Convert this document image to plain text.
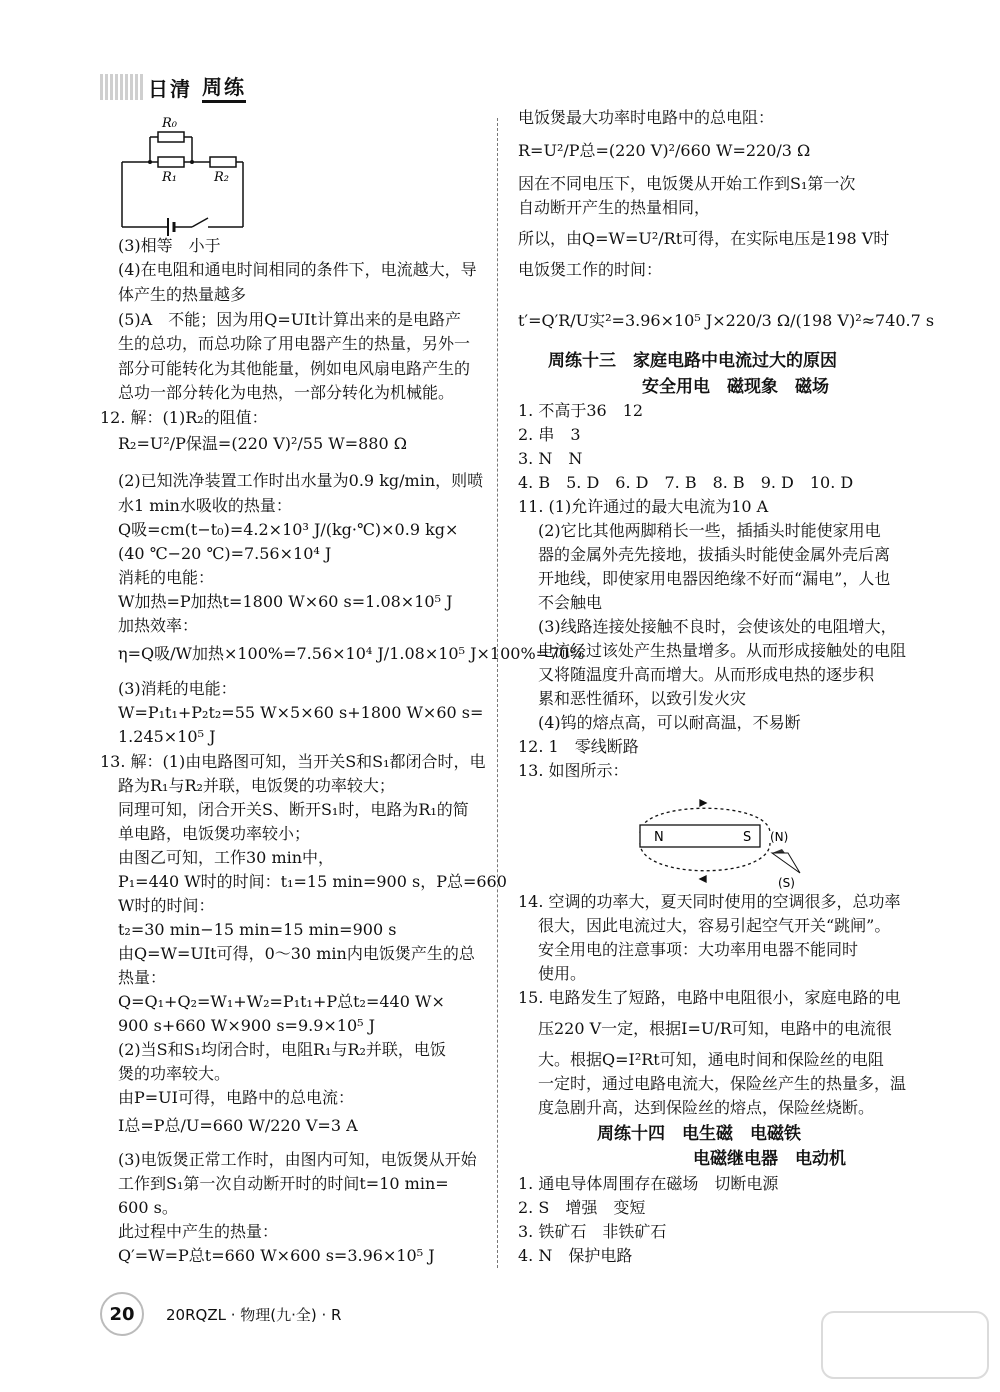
日清 周练
R₀
R₁	R₂
(3)相等　小于
(4)在电阻和通电时间相同的条件下，电流越大，导
体产生的热量越多
(5)A　不能；因为用Q=UIt计算出来的是电路产
生的总功，而总功除了用电器产生的热量，另外一
部分可能转化为其他能量，例如电风扇电路产生的
总功一部分转化为电热，一部分转化为机械能。
12. 解：(1)R₂的阻值：
R₂=U²/P保温=(220 V)²/55 W=880 Ω
(2)已知洗净装置工作时出水量为0.9 kg/min，则喷
水1 min水吸收的热量：
Q吸=cm(t−t₀)=4.2×10³ J/(kg·℃)×0.9 kg×
(40 ℃−20 ℃)=7.56×10⁴ J
消耗的电能：
W加热=P加热t=1800 W×60 s=1.08×10⁵ J
加热效率：
η=Q吸/W加热×100%=7.56×10⁴ J/1.08×10⁵ J×100%=70%
(3)消耗的电能：
W=P₁t₁+P₂t₂=55 W×5×60 s+1800 W×60 s=
1.245×10⁵ J
13. 解：(1)由电路图可知，当开关S和S₁都闭合时，电
路为R₁与R₂并联，电饭煲的功率较大；
同理可知，闭合开关S、断开S₁时，电路为R₁的简
单电路，电饭煲功率较小；
由图乙可知，工作30 min中，
P₁=440 W时的时间：t₁=15 min=900 s，P总=660
W时的时间：
t₂=30 min−15 min=15 min=900 s
由Q=W=UIt可得，0～30 min内电饭煲产生的总
热量：
Q=Q₁+Q₂=W₁+W₂=P₁t₁+P总t₂=440 W×
900 s+660 W×900 s=9.9×10⁵ J
(2)当S和S₁均闭合时，电阻R₁与R₂并联，电饭
煲的功率较大。
由P=UI可得，电路中的总电流：
I总=P总/U=660 W/220 V=3 A
(3)电饭煲正常工作时，由图内可知，电饭煲从开始
工作到S₁第一次自动断开时的时间t=10 min=
600 s。
此过程中产生的热量：
Q′=W=P总t=660 W×600 s=3.96×10⁵ J
电饭煲最大功率时电路中的总电阻：
R=U²/P总=(220 V)²/660 W=220/3 Ω
因在不同电压下，电饭煲从开始工作到S₁第一次
自动断开产生的热量相同，
所以，由Q=W=U²/Rt可得，在实际电压是198 V时
电饭煲工作的时间：
t′=Q′R/U实²=3.96×10⁵ J×220/3 Ω/(198 V)²≈740.7 s
1. 不高于36　12
2. 串　3
3. N　N
4. B　5. D　6. D　7. B　8. B　9. D　10. D
11. (1)允许通过的最大电流为10 A
(2)它比其他两脚稍长一些，插插头时能使家用电
器的金属外壳先接地，拔插头时能使金属外壳后离
开地线，即使家用电器因绝缘不好而“漏电”，人也
不会触电
(3)线路连接处接触不良时，会使该处的电阻增大，
电流经过该处产生热量增多。从而形成接触处的电阻
又将随温度升高而增大。从而形成电热的逐步积
累和恶性循环，以致引发火灾
(4)钨的熔点高，可以耐高温，不易断
12. 1　零线断路
13. 如图所示：
14. 空调的功率大，夏天同时使用的空调很多，总功率
很大，因此电流过大，容易引起空气开关“跳闸”。
安全用电的注意事项：大功率用电器不能同时
使用。
15. 电路发生了短路，电路中电阻很小，家庭电路的电
压220 V一定，根据I=U/R可知，电路中的电流很
大。根据Q=I²Rt可知，通电时间和保险丝的电阻
一定时，通过电路电流大，保险丝产生的热量多，温
度急剧升高，达到保险丝的熔点，保险丝烧断。
1. 通电导体周围存在磁场　切断电源
2. S　增强　变短
3. 铁矿石　非铁矿石
4. N　保护电路
周练十三　家庭电路中电流过大的原因
安全用电　磁现象　磁场
周练十四　电生磁　电磁铁
电磁继电器　电动机
N	S (N)
(S)
20	20RQZL · 物理(九·全) · R
